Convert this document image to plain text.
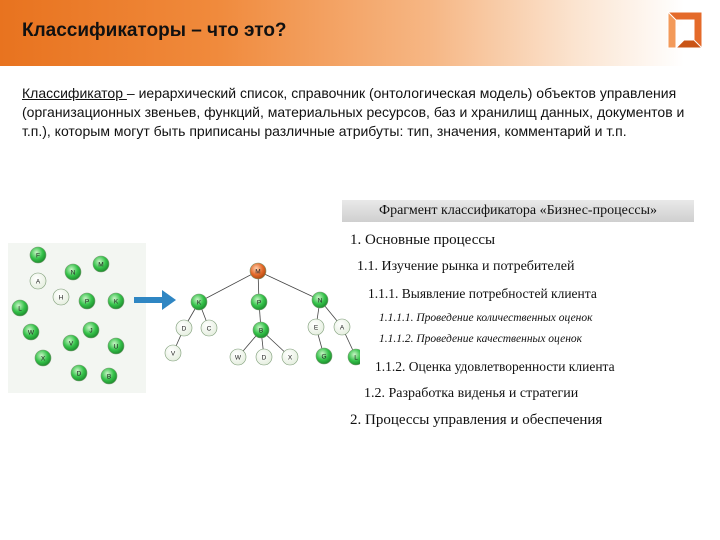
Классификаторы – что это?
Классификатор – иерархический список, справочник (онтологическая модель) объектов управления (организационных звеньев, функций, материальных ресурсов, баз и хранилищ данных, документов и т.п.), которым могут быть приписаны различные атрибуты: тип, значения, комментарий и т.п.
Фрагмент классификатора «Бизнес-процессы»
1. Основные процессы
1.1. Изучение рынка и потребителей
1.1.1. Выявление потребностей клиента
1.1.1.1. Проведение количественных оценок
1.1.1.2. Проведение качественных оценок
1.1.2. Оценка удовлетворенности клиента
1.2. Разработка виденья и стратегии
2. Процессы управления и обеспечения
F
M
A
N
L
H
P	K
W	J
V	U
X
D	B
M
K	P	N
D	C	B	E	A
V
W	D	X	G	L
